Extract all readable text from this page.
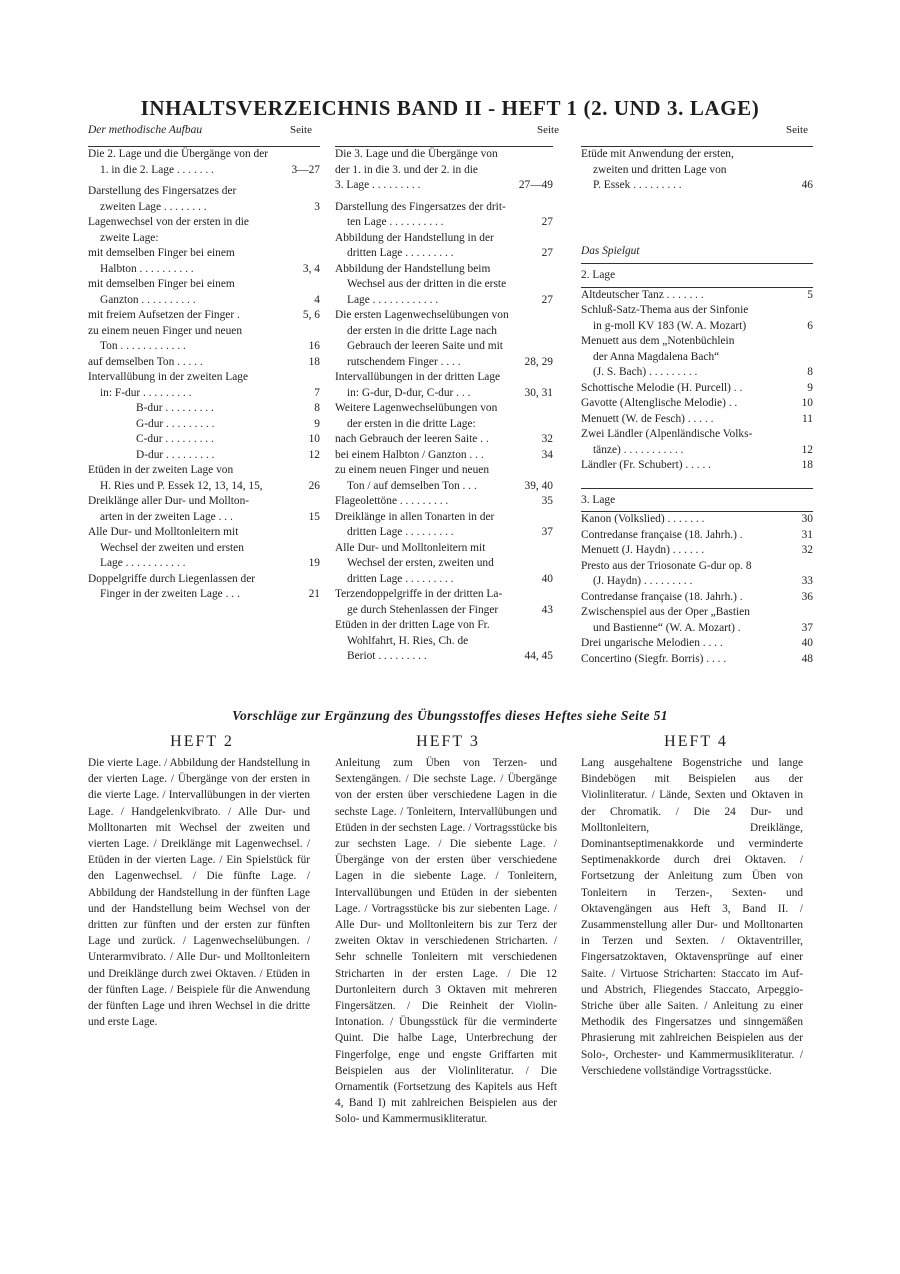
INHALTSVERZEICHNIS BAND II - HEFT 1 (2. UND 3. LAGE)
Der methodische Aufbau	Seite	Seite	Seite
Die 2. Lage und die Übergänge von der
1. in die 2. Lage . . . . . . .	3—27
Darstellung des Fingersatzes der
zweiten Lage . . . . . . . .	3
Lagenwechsel von der ersten in die
zweite Lage:
mit demselben Finger bei einem
Halbton . . . . . . . . . .	3, 4
mit demselben Finger bei einem
Ganzton . . . . . . . . . .	4
mit freiem Aufsetzen der Finger .	5, 6
zu einem neuen Finger und neuen
Ton . . . . . . . . . . . .	16
auf demselben Ton . . . . .	18
Intervallübung in der zweiten Lage
in: F-dur . . . . . . . . .	7
B-dur . . . . . . . . .	8
G-dur . . . . . . . . .	9
C-dur . . . . . . . . .	10
D-dur . . . . . . . . .	12
Etüden in der zweiten Lage von
H. Ries und P. Essek 12, 13, 14, 15,	26
Dreiklänge aller Dur- und Mollton-
arten in der zweiten Lage . . .	15
Alle Dur- und Molltonleitern mit
Wechsel der zweiten und ersten
Lage . . . . . . . . . . .	19
Doppelgriffe durch Liegenlassen der
Finger in der zweiten Lage . . .	21
Die 3. Lage und die Übergänge von
der 1. in die 3. und der 2. in die
3. Lage . . . . . . . . .	27—49
Darstellung des Fingersatzes der drit-
ten Lage . . . . . . . . . .	27
Abbildung der Handstellung in der
dritten Lage . . . . . . . . .	27
Abbildung der Handstellung beim
Wechsel aus der dritten in die erste
Lage . . . . . . . . . . . .	27
Die ersten Lagenwechselübungen von
der ersten in die dritte Lage nach
Gebrauch der leeren Saite und mit
rutschendem Finger . . . .	28, 29
Intervallübungen in der dritten Lage
in: G-dur, D-dur, C-dur . . .	30, 31
Weitere Lagenwechselübungen von
der ersten in die dritte Lage:
nach Gebrauch der leeren Saite . .	32
bei einem Halbton / Ganzton . . .	34
zu einem neuen Finger und neuen
Ton / auf demselben Ton . . .	39, 40
Flageolettöne . . . . . . . . .	35
Dreiklänge in allen Tonarten in der
dritten Lage . . . . . . . . .	37
Alle Dur- und Molltonleitern mit
Wechsel der ersten, zweiten und
dritten Lage . . . . . . . . .	40
Terzendoppelgriffe in der dritten La-
ge durch Stehenlassen der Finger	43
Etüden in der dritten Lage von Fr.
Wohlfahrt, H. Ries, Ch. de
Beriot . . . . . . . . .	44, 45
Etüde mit Anwendung der ersten,
zweiten und dritten Lage von
P. Essek . . . . . . . . .	46
Das Spielgut
2. Lage
Altdeutscher Tanz . . . . . . .	5
Schluß-Satz-Thema aus der Sinfonie
in g-moll KV 183 (W. A. Mozart)	6
Menuett aus dem „Notenbüchlein
der Anna Magdalena Bach“
(J. S. Bach) . . . . . . . . .	8
Schottische Melodie (H. Purcell) . .	9
Gavotte (Altenglische Melodie) . .	10
Menuett (W. de Fesch) . . . . .	11
Zwei Ländler (Alpenländische Volks-
tänze) . . . . . . . . . . .	12
Ländler (Fr. Schubert) . . . . .	18
3. Lage
Kanon (Volkslied) . . . . . . .	30
Contredanse française (18. Jahrh.) .	31
Menuett (J. Haydn) . . . . . .	32
Presto aus der Triosonate G-dur op. 8
(J. Haydn) . . . . . . . . .	33
Contredanse française (18. Jahrh.) .	36
Zwischenspiel aus der Oper „Bastien
und Bastienne“ (W. A. Mozart) .	37
Drei ungarische Melodien . . . .	40
Concertino (Siegfr. Borris) . . . .	48
Vorschläge zur Ergänzung des Übungsstoffes dieses Heftes siehe Seite 51
HEFT 2	HEFT 3	HEFT 4
Die vierte Lage. / Abbildung der Handstellung in der vierten Lage. / Übergänge von der ersten in die vierte Lage. / Intervallübungen in der vierten Lage. / Handgelenkvibrato. / Alle Dur- und Molltonarten mit Wechsel der zweiten und vierten Lage. / Dreiklänge mit Lagenwechsel. / Etüden in der vierten Lage. / Ein Spielstück für den Lagenwechsel. / Die fünfte Lage. / Abbildung der Handstellung in der fünften Lage und der Handstellung beim Wechsel von der dritten zur fünften und der ersten zur fünften Lage und zurück. / Lagenwechselübungen. / Unterarmvibrato. / Alle Dur- und Molltonleitern und Dreiklänge durch zwei Oktaven. / Etüden in der fünften Lage. / Beispiele für die Anwendung der fünften Lage und ihren Wechsel in die dritte und erste Lage.
Anleitung zum Üben von Terzen- und Sextengängen. / Die sechste Lage. / Übergänge von der ersten über verschiedene Lagen in die sechste Lage. / Tonleitern, Intervallübungen und Etüden in der sechsten Lage. / Vortragsstücke bis zur sechsten Lage. / Die siebente Lage. / Übergänge von der ersten über verschiedene Lagen in die siebente Lage. / Tonleitern, Intervallübungen und Etüden in der siebenten Lage. / Vortragsstücke bis zur siebenten Lage. / Alle Dur- und Molltonleitern bis zur Terz der zweiten Oktav in verschiedenen Stricharten. / Sehr schnelle Tonleitern mit verschiedenen Stricharten in der ersten Lage. / Die 12 Durtonleitern durch 3 Oktaven mit mehreren Fingersätzen. / Die Reinheit der Violin-Intonation. / Übungsstück für die verminderte Quint. Die halbe Lage, Unterbrechung der Fingerfolge, enge und engste Griffarten mit Beispielen aus der Violinliteratur. / Die Ornamentik (Fortsetzung des Kapitels aus Heft 4, Band I) mit zahlreichen Beispielen aus der Solo- und Kammermusikliteratur.
Lang ausgehaltene Bogenstriche und lange Bindebögen mit Beispielen aus der Violinliteratur. / Lände, Sexten und Oktaven in der Chromatik. / Die 24 Dur- und Molltonleitern, Dreiklänge, Dominantseptimenakkorde und verminderte Septimenakkorde durch drei Oktaven. / Fortsetzung der Anleitung zum Üben von Tonleitern in Terzen-, Sexten- und Oktavengängen aus Heft 3, Band II. / Zusammenstellung aller Dur- und Molltonarten in Terzen und Sexten. / Oktaventriller, Fingersatzoktaven, Oktavensprünge auf einer Saite. / Virtuose Stricharten: Staccato im Auf- und Abstrich, Fliegendes Staccato, Arpeggio-Striche über alle Saiten. / Anleitung zu einer Methodik des Fingersatzes und sinngemäßen Phrasierung mit zahlreichen Beispielen aus der Solo-, Orchester- und Kammermusikliteratur. / Verschiedene vollständige Vortragsstücke.
